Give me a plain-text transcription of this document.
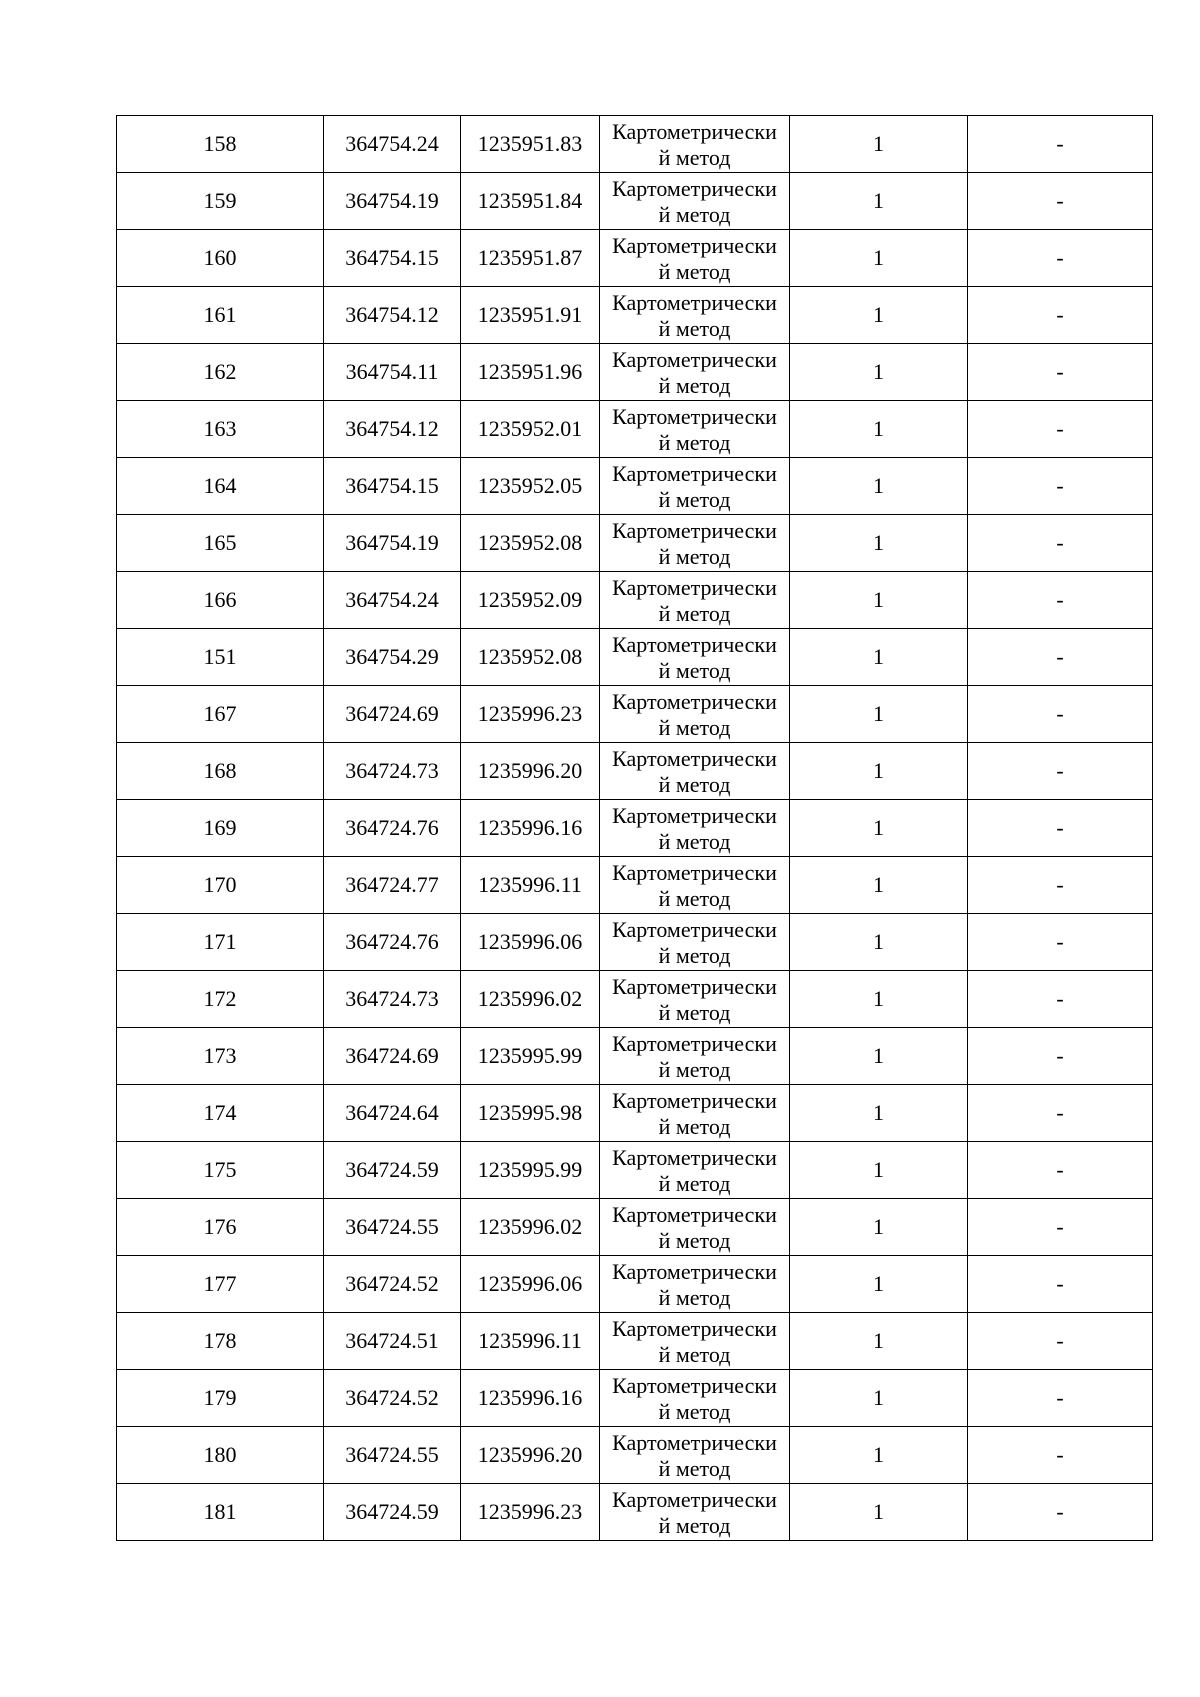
158	364754.24	1235951.83	Картометрически
й метод	1	-
159	364754.19	1235951.84	Картометрически
й метод	1	-
160	364754.15	1235951.87	Картометрически
й метод	1	-
161	364754.12	1235951.91	Картометрически
й метод	1	-
162	364754.11	1235951.96	Картометрически
й метод	1	-
163	364754.12	1235952.01	Картометрически
й метод	1	-
164	364754.15	1235952.05	Картометрически
й метод	1	-
165	364754.19	1235952.08	Картометрически
й метод	1	-
166	364754.24	1235952.09	Картометрически
й метод	1	-
151	364754.29	1235952.08	Картометрически
й метод	1	-
167	364724.69	1235996.23	Картометрически
й метод	1	-
168	364724.73	1235996.20	Картометрически
й метод	1	-
169	364724.76	1235996.16	Картометрически
й метод	1	-
170	364724.77	1235996.11	Картометрически
й метод	1	-
171	364724.76	1235996.06	Картометрически
й метод	1	-
172	364724.73	1235996.02	Картометрически
й метод	1	-
173	364724.69	1235995.99	Картометрически
й метод	1	-
174	364724.64	1235995.98	Картометрически
й метод	1	-
175	364724.59	1235995.99	Картометрически
й метод	1	-
176	364724.55	1235996.02	Картометрически
й метод	1	-
177	364724.52	1235996.06	Картометрически
й метод	1	-
178	364724.51	1235996.11	Картометрически
й метод	1	-
179	364724.52	1235996.16	Картометрически
й метод	1	-
180	364724.55	1235996.20	Картометрически
й метод	1	-
181	364724.59	1235996.23	Картометрически
й метод	1	-
